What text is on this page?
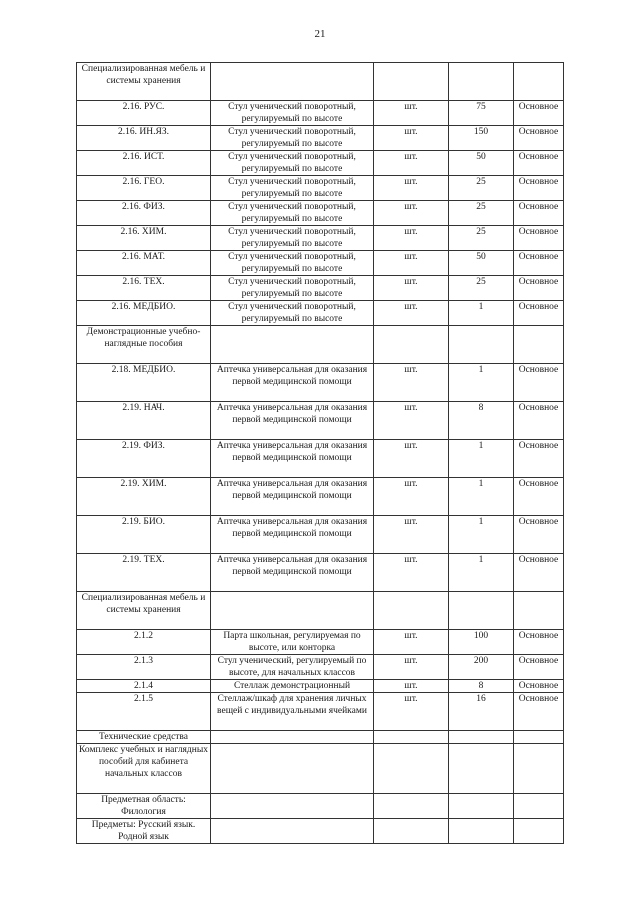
21
Специализированная мебель и системы хранения				
2.16. РУС.	Стул ученический поворотный, регулируемый по высоте	шт.	75	Основное
2.16. ИН.ЯЗ.	Стул ученический поворотный, регулируемый по высоте	шт.	150	Основное
2.16. ИСТ.	Стул ученический поворотный, регулируемый по высоте	шт.	50	Основное
2.16. ГЕО.	Стул ученический поворотный, регулируемый по высоте	шт.	25	Основное
2.16. ФИЗ.	Стул ученический поворотный, регулируемый по высоте	шт.	25	Основное
2.16. ХИМ.	Стул ученический поворотный, регулируемый по высоте	шт.	25	Основное
2.16. МАТ.	Стул ученический поворотный, регулируемый по высоте	шт.	50	Основное
2.16. ТЕХ.	Стул ученический поворотный, регулируемый по высоте	шт.	25	Основное
2.16. МЕДБИО.	Стул ученический поворотный, регулируемый по высоте	шт.	1	Основное
Демонстрационные учебно-наглядные пособия				
2.18. МЕДБИО.	Аптечка универсальная для оказания первой медицинской помощи	шт.	1	Основное
2.19. НАЧ.	Аптечка универсальная для оказания первой медицинской помощи	шт.	8	Основное
2.19. ФИЗ.	Аптечка универсальная для оказания первой медицинской помощи	шт.	1	Основное
2.19. ХИМ.	Аптечка универсальная для оказания первой медицинской помощи	шт.	1	Основное
2.19. БИО.	Аптечка универсальная для оказания первой медицинской помощи	шт.	1	Основное
2.19. ТЕХ.	Аптечка универсальная для оказания первой медицинской помощи	шт.	1	Основное
Специализированная мебель и системы хранения				
2.1.2	Парта школьная, регулируемая по высоте, или конторка	шт.	100	Основное
2.1.3	Стул ученический, регулируемый по высоте, для начальных классов	шт.	200	Основное
2.1.4	Стеллаж демонстрационный	шт.	8	Основное
2.1.5	Стеллаж/шкаф для хранения личных вещей с индивидуальными ячейками	шт.	16	Основное
Технические средства				
Комплекс учебных и наглядных пособий для кабинета начальных классов				
Предметная область: Филология				
Предметы: Русский язык. Родной язык				
